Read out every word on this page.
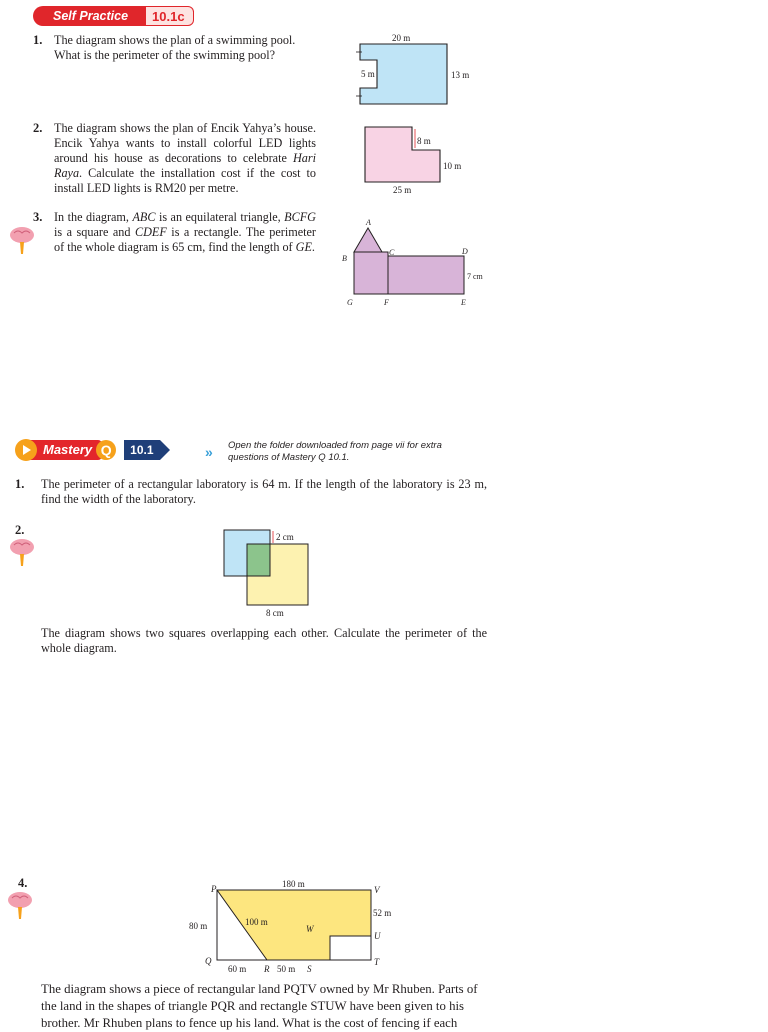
Self Practice	10.1c
1. The diagram shows the plan of a swimming pool. What is the perimeter of the swimming pool?

20 m
5 m	13 m
2. The diagram shows the plan of Encik Yahya’s house. Encik Yahya wants to install colorful LED lights around his house as decorations to celebrate Hari Raya. Calculate the installation cost if the cost to install LED lights is RM20 per metre.

8 m
10 m
25 m
3. In the diagram, ABC is an equilateral triangle, BCFG is a square and CDEF is a rectangle. The perimeter of the whole diagram is 65 cm, find the length of GE.

A
B
C	D
E
F
G
7 cm
Mastery Q	10.1	» Open the folder downloaded from page vii for extra
questions of Mastery Q 10.1.
1. The perimeter of a rectangular laboratory is 64 m. If the length of the laboratory is 23 m, find the width of the laboratory.

2.	2 cm
8 cm

The diagram shows two squares overlapping each other. Calculate the perimeter of the whole diagram.

4.	P
Q
R	S
T
U
V
W
180 m
80 m	100 m
52 m
60 m	50 m
The diagram shows a piece of rectangular land PQTV owned by Mr Rhuben. Parts of
the land in the shapes of triangle PQR and rectangle STUW have been given to his
brother. Mr Rhuben plans to fence up his land. What is the cost of fencing if each
